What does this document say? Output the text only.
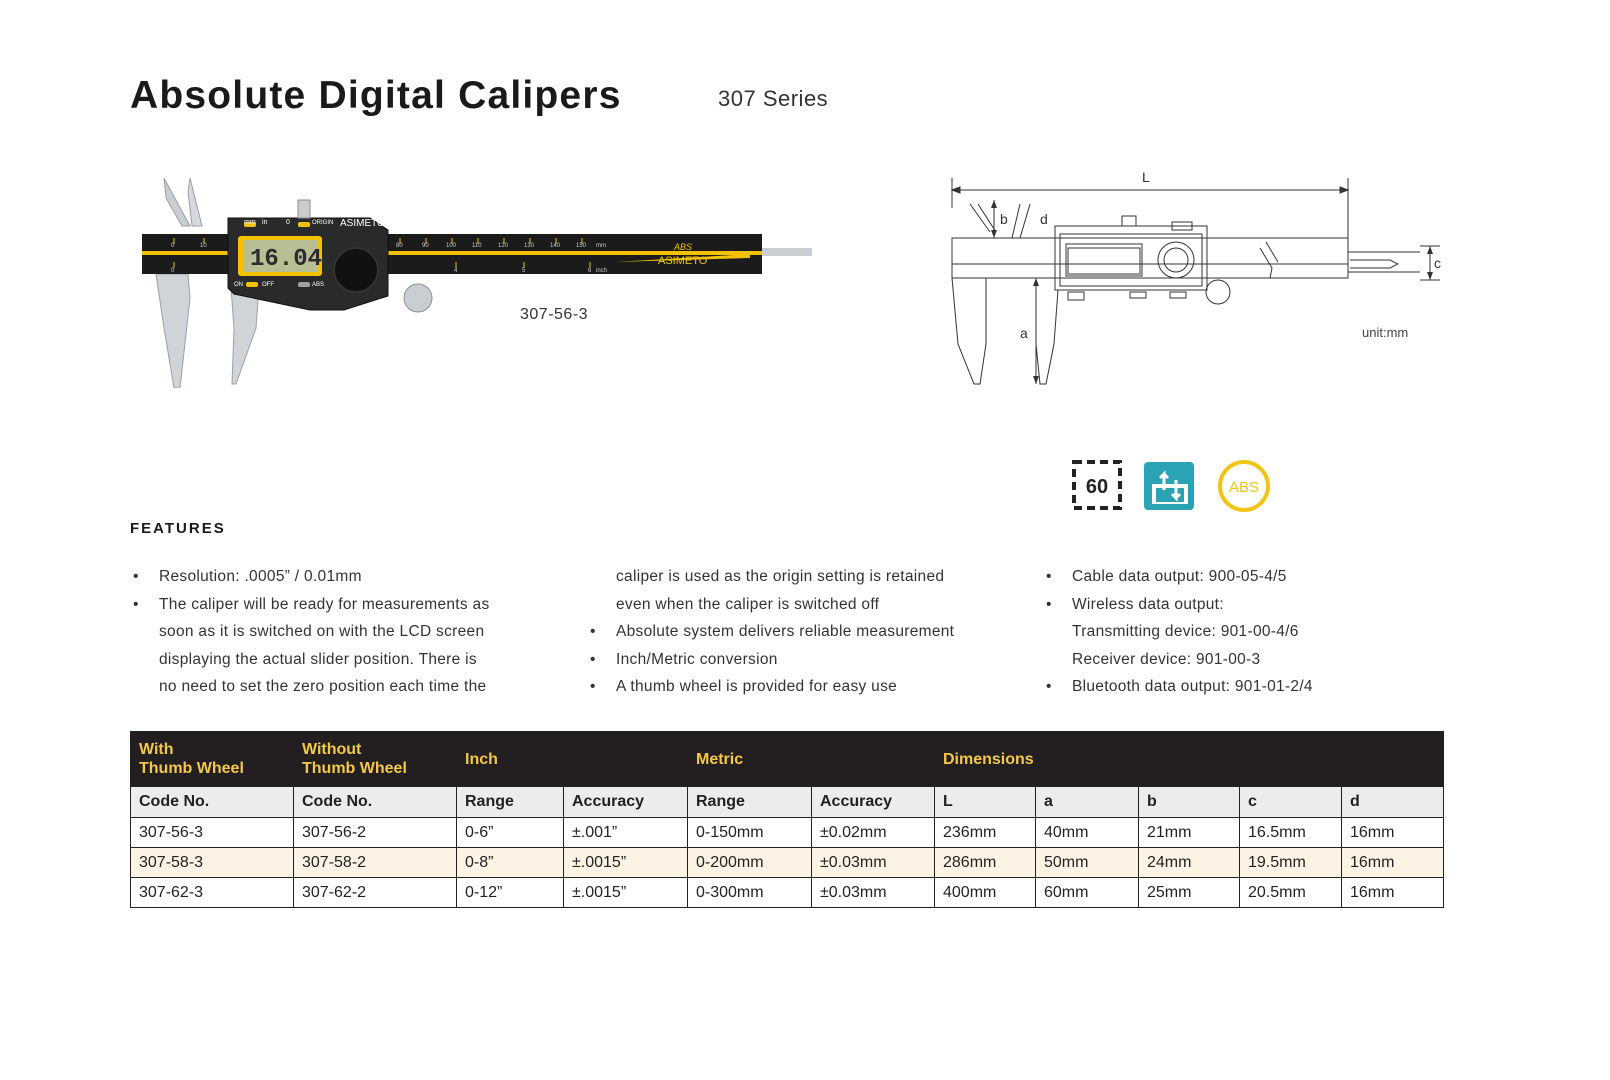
Absolute Digital Calipers	307 Series
mm in	0	ORIGIN
ON	OFF	ABS
ASIMETO
ASIMETO
ABS
0	10	80	90	100	110	120	130	140	150 mm
0	4	5	6 inch
16.04
307-56-3
L
b d
a
c
unit:mm
60	ABS
FEATURES
• Resolution: .0005” / 0.01mm
• The caliper will be ready for measurements as
soon as it is switched on with the LCD screen
displaying the actual slider position. There is
no need to set the zero position each time the
caliper is used as the origin setting is retained
even when the caliper is switched off
• Absolute system delivers reliable measurement
• Inch/Metric conversion
• A thumb wheel is provided for easy use
• Cable data output: 900-05-4/5
• Wireless data output:
Transmitting device: 901-00-4/6
Receiver device: 901-00-3
• Bluetooth data output: 901-01-2/4
With
Thumb Wheel	Without
Thumb Wheel	Inch		Metric		Dimensions				
Code No.	Code No.	Range	Accuracy	Range	Accuracy	L	a	b	c	d
307-56-3	307-56-2	0-6”	±.001”	0-150mm	±0.02mm	236mm	40mm	21mm	16.5mm	16mm
307-58-3	307-58-2	0-8”	±.0015”	0-200mm	±0.03mm	286mm	50mm	24mm	19.5mm	16mm
307-62-3	307-62-2	0-12”	±.0015”	0-300mm	±0.03mm	400mm	60mm	25mm	20.5mm	16mm
